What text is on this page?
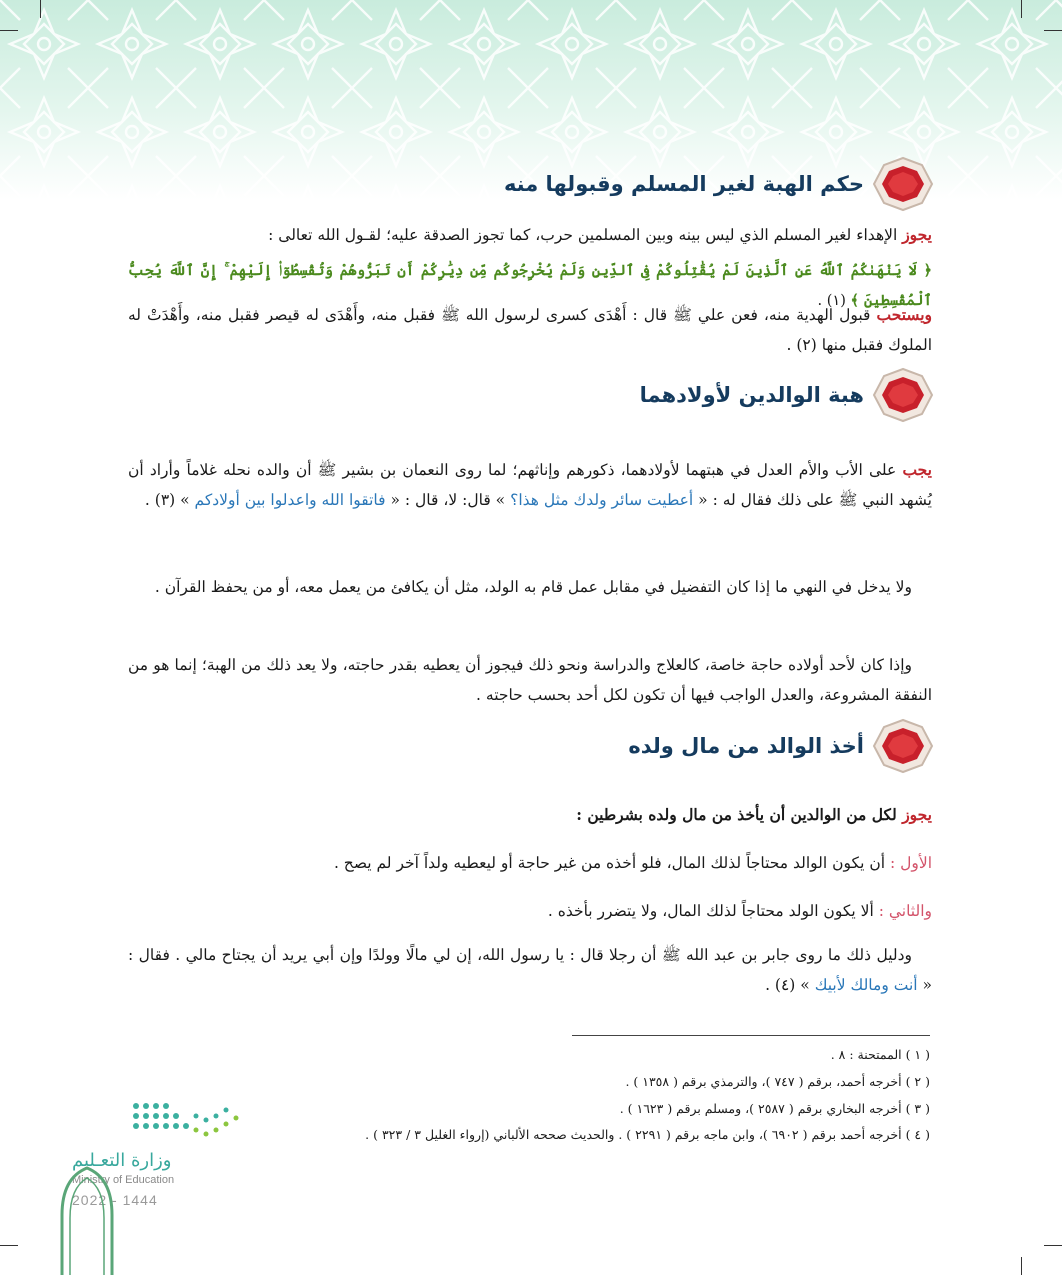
حكم الهبة لغير المسلم وقبولها منه

يجوز الإهداء لغير المسلم الذي ليس بينه وبين المسلمين حرب، كما تجوز الصدقة عليه؛ لقـول الله تعالى :

﴿ لَا يَنْهَىٰكُمُ ٱللَّهُ عَنِ ٱلَّذِينَ لَمْ يُقَٰتِلُوكُمْ فِى ٱلدِّينِ وَلَمْ يُخْرِجُوكُم مِّن دِيَٰرِكُمْ أَن تَبَرُّوهُمْ وَتُقْسِطُوٓا۟ إِلَيْهِمْ ۚ إِنَّ ٱللَّهَ يُحِبُّ ٱلْمُقْسِطِينَ ﴾ (١) .

ويستحب قبول الهدية منه، فعن علي ﷺ قال : أَهْدَى كسرى لرسول الله ﷺ فقبل منه، وأَهْدَى له قيصر فقبل منه، وأَهْدَتْ له الملوك فقبل منها (٢) .

هبة الوالدين لأولادهما

يجب على الأب والأم العدل في هبتهما لأولادهما، ذكورهم وإناثهم؛ لما روى النعمان بن بشير ﷺ أن والده نحله غلاماً وأراد أن يُشهد النبي ﷺ على ذلك فقال له : « أعطيت سائر ولدك مثل هذا؟ » قال: لا، قال : « فاتقوا الله واعدلوا بين أولادكم » (٣) .

ولا يدخل في النهي ما إذا كان التفضيل في مقابل عمل قام به الولد، مثل أن يكافئ من يعمل معه، أو من يحفظ القرآن .

وإذا كان لأحد أولاده حاجة خاصة، كالعلاج والدراسة ونحو ذلك فيجوز أن يعطيه بقدر حاجته، ولا يعد ذلك من الهبة؛ إنما هو من النفقة المشروعة، والعدل الواجب فيها أن تكون لكل أحد بحسب حاجته .

أخذ الوالد من مال ولده

يجوز لكل من الوالدين أن يأخذ من مال ولده بشرطين :

الأول : أن يكون الوالد محتاجاً لذلك المال، فلو أخذه من غير حاجة أو ليعطيه ولداً آخر لم يصح .

والثاني : ألا يكون الولد محتاجاً لذلك المال، ولا يتضرر بأخذه .

ودليل ذلك ما روى جابر بن عبد الله ﷺ أن رجلا قال : يا رسول الله، إن لي مالًا وولدًا وإن أبي يريد أن يجتاح مالي . فقال : « أنت ومالك لأبيك » (٤) .

( ١ ) الممتحنة : ٨ .

( ٢ ) أخرجه أحمد، برقم ( ٧٤٧ )، والترمذي برقم ( ١٣٥٨ ) .

( ٣ ) أخرجه البخاري برقم ( ٢٥٨٧ )، ومسلم برقم ( ١٦٢٣ ) .

( ٤ ) أخرجه أحمد برقم ( ٦٩٠٢ )، وابن ماجه برقم ( ٢٢٩١ ) . والحديث صححه الألباني (إرواء الغليل ٣ / ٣٢٣ ) .

وزارة التعـليم
Ministry of Education
2022 - 1444
